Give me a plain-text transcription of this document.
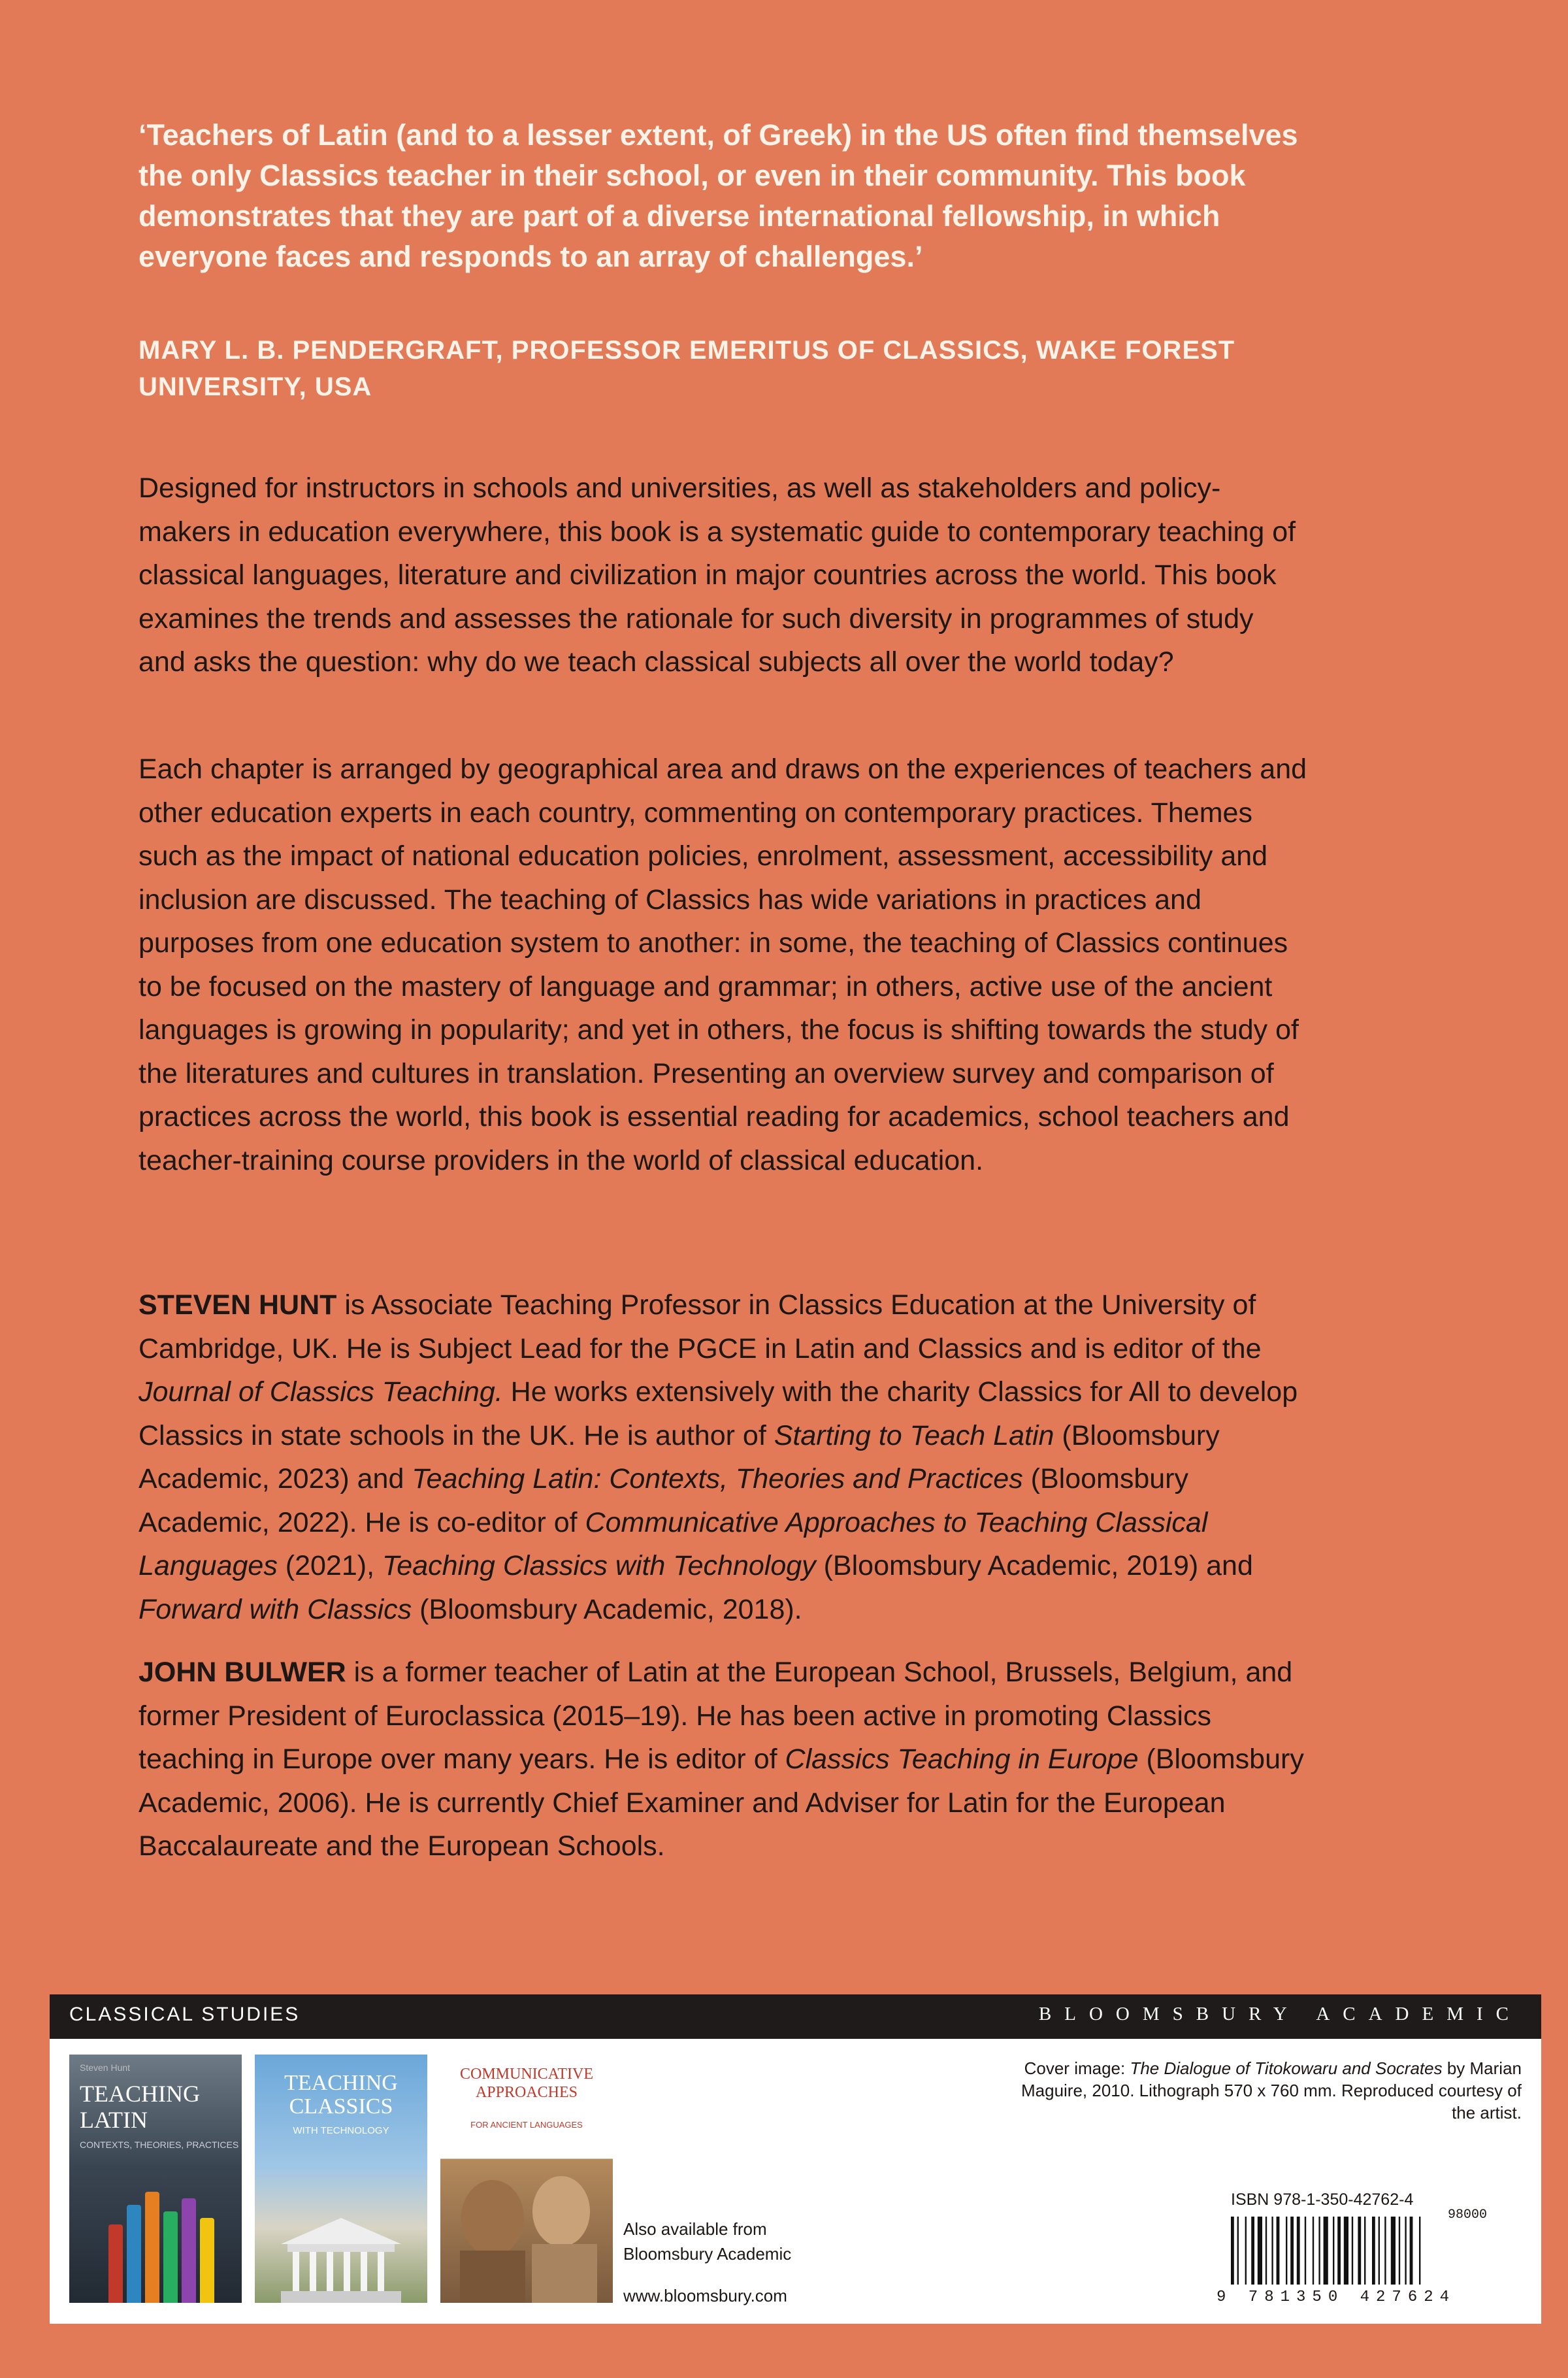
‘Teachers of Latin (and to a lesser extent, of Greek) in the US often find themselves the only Classics teacher in their school, or even in their community. This book demonstrates that they are part of a diverse international fellowship, in which everyone faces and responds to an array of challenges.’

MARY L. B. PENDERGRAFT, PROFESSOR EMERITUS OF CLASSICS, WAKE FOREST UNIVERSITY, USA

Designed for instructors in schools and universities, as well as stakeholders and policy-makers in education everywhere, this book is a systematic guide to contemporary teaching of classical languages, literature and civilization in major countries across the world. This book examines the trends and assesses the rationale for such diversity in programmes of study and asks the question: why do we teach classical subjects all over the world today?

Each chapter is arranged by geographical area and draws on the experiences of teachers and other education experts in each country, commenting on contemporary practices. Themes such as the impact of national education policies, enrolment, assessment, accessibility and inclusion are discussed. The teaching of Classics has wide variations in practices and purposes from one education system to another: in some, the teaching of Classics continues to be focused on the mastery of language and grammar; in others, active use of the ancient languages is growing in popularity; and yet in others, the focus is shifting towards the study of the literatures and cultures in translation. Presenting an overview survey and comparison of practices across the world, this book is essential reading for academics, school teachers and teacher-training course providers in the world of classical education.

STEVEN HUNT is Associate Teaching Professor in Classics Education at the University of Cambridge, UK. He is Subject Lead for the PGCE in Latin and Classics and is editor of the Journal of Classics Teaching. He works extensively with the charity Classics for All to develop Classics in state schools in the UK. He is author of Starting to Teach Latin (Bloomsbury Academic, 2023) and Teaching Latin: Contexts, Theories and Practices (Bloomsbury Academic, 2022). He is co-editor of Communicative Approaches to Teaching Classical Languages (2021), Teaching Classics with Technology (Bloomsbury Academic, 2019) and Forward with Classics (Bloomsbury Academic, 2018).

JOHN BULWER is a former teacher of Latin at the European School, Brussels, Belgium, and former President of Euroclassica (2015–19). He has been active in promoting Classics teaching in Europe over many years. He is editor of Classics Teaching in Europe (Bloomsbury Academic, 2006). He is currently Chief Examiner and Adviser for Latin for the European Baccalaureate and the European Schools.

CLASSICAL STUDIES	BLOOMSBURY ACADEMIC
Steven Hunt
TEACHING LATIN
CONTEXTS, THEORIES, PRACTICES
TEACHING CLASSICS
WITH TECHNOLOGY
COMMUNICATIVE APPROACHES
FOR ANCIENT LANGUAGES
Also available from Bloomsbury Academic
www.bloomsbury.com
Cover image: The Dialogue of Titokowaru and Socrates by Marian Maguire, 2010. Lithograph 570 x 760 mm. Reproduced courtesy of the artist.
ISBN 978-1-350-42762-4
98000
9 781350 427624
